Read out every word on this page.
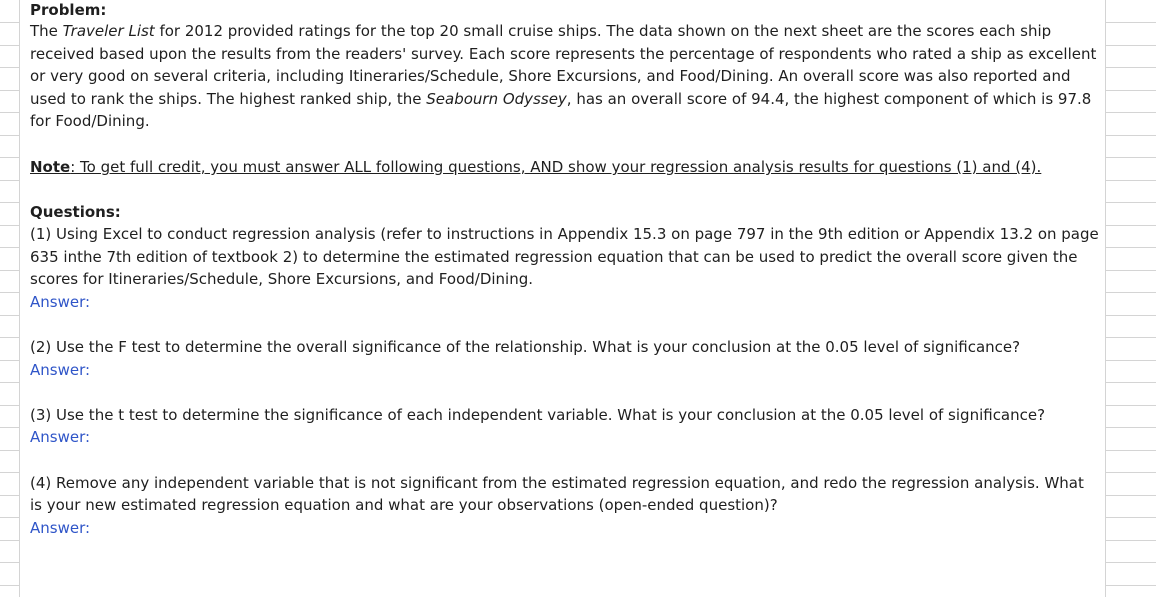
Problem:
The Traveler List for 2012 provided ratings for the top 20 small cruise ships. The data shown on the next sheet are the scores each ship
received based upon the results from the readers' survey. Each score represents the percentage of respondents who rated a ship as excellent
or very good on several criteria, including Itineraries/Schedule, Shore Excursions, and Food/Dining. An overall score was also reported and
used to rank the ships. The highest ranked ship, the Seabourn Odyssey, has an overall score of 94.4, the highest component of which is 97.8
for Food/Dining.
Note: To get full credit, you must answer ALL following questions, AND show your regression analysis results for questions (1) and (4).
Questions:
(1) Using Excel to conduct regression analysis (refer to instructions in Appendix 15.3 on page 797 in the 9th edition or Appendix 13.2 on page
635 inthe 7th edition of textbook 2) to determine the estimated regression equation that can be used to predict the overall score given the
scores for Itineraries/Schedule, Shore Excursions, and Food/Dining.
Answer:
(2) Use the F test to determine the overall significance of the relationship. What is your conclusion at the 0.05 level of significance?
Answer:
(3) Use the t test to determine the significance of each independent variable. What is your conclusion at the 0.05 level of significance?
Answer:
(4) Remove any independent variable that is not significant from the estimated regression equation, and redo the regression analysis. What
is your new estimated regression equation and what are your observations (open-ended question)?
Answer:
